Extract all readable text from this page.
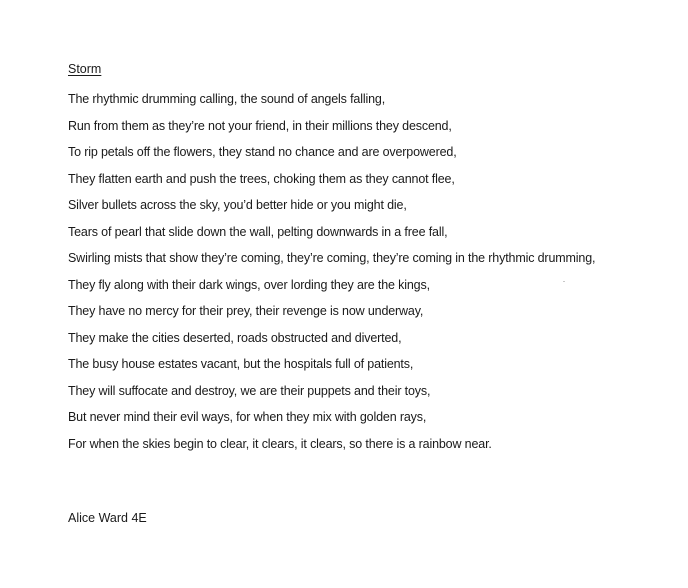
Storm
The rhythmic drumming calling, the sound of angels falling,
Run from them as they’re not your friend, in their millions they descend,
To rip petals off the flowers, they stand no chance and are overpowered,
They flatten earth and push the trees, choking them as they cannot flee,
Silver bullets across the sky, you’d better hide or you might die,
Tears of pearl that slide down the wall, pelting downwards in a free fall,
Swirling mists that show they’re coming, they’re coming, they’re coming in the rhythmic drumming,
They fly along with their dark wings, over lording they are the kings,
They have no mercy for their prey, their revenge is now underway,
They make the cities deserted, roads obstructed and diverted,
The busy house estates vacant, but the hospitals full of patients,
They will suffocate and destroy, we are their puppets and their toys,
But never mind their evil ways, for when they mix with golden rays,
For when the skies begin to clear, it clears, it clears, so there is a rainbow near.
Alice Ward 4E
